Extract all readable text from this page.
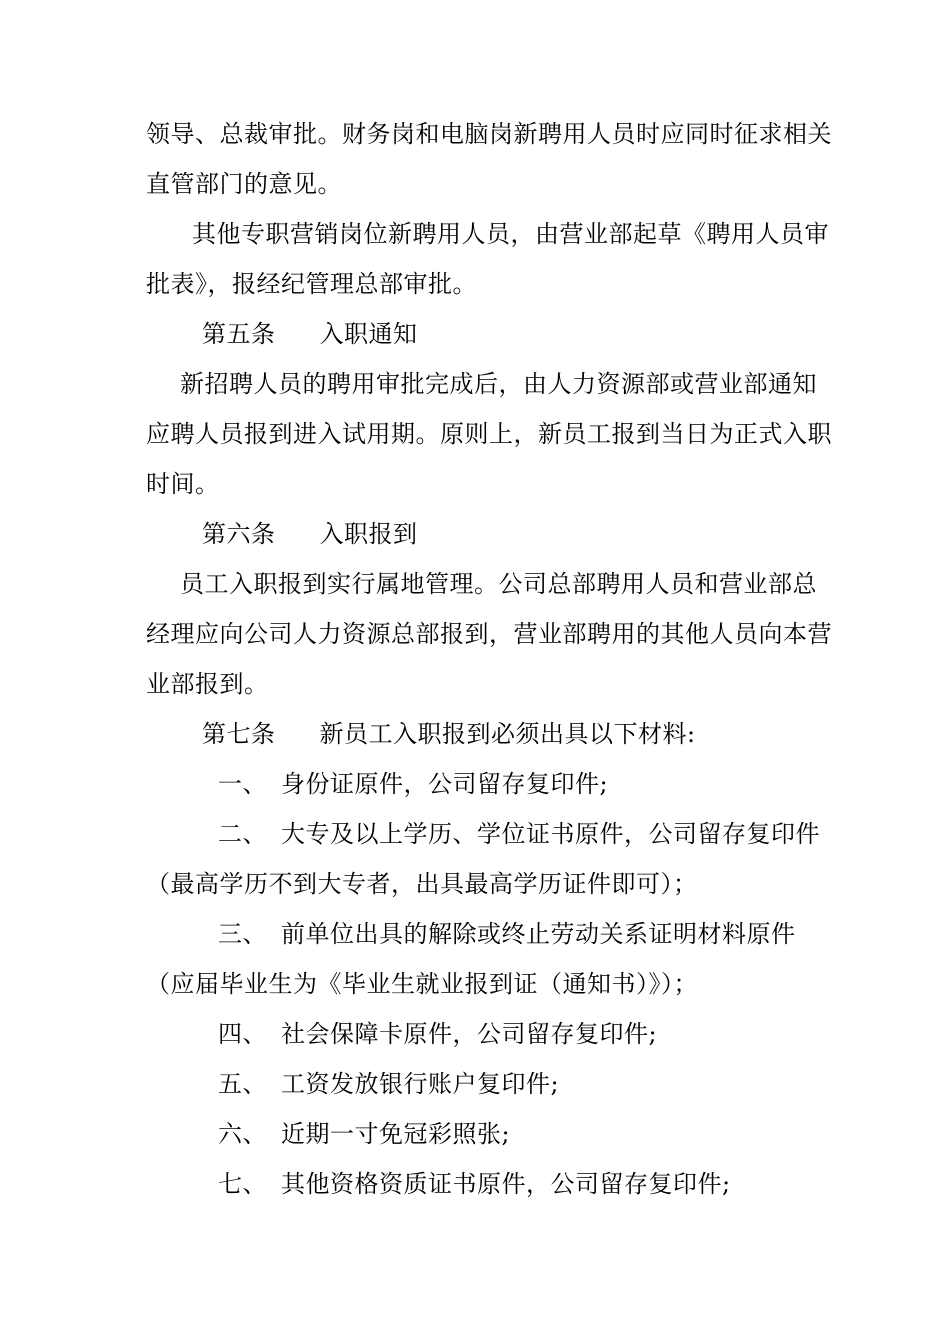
领导、总裁审批。财务岗和电脑岗新聘用人员时应同时征求相关
直管部门的意见。
其他专职营销岗位新聘用人员，由营业部起草《聘用人员审
批表》，报经纪管理总部审批。
第五条 入职通知
新招聘人员的聘用审批完成后，由人力资源部或营业部通知
应聘人员报到进入试用期。原则上，新员工报到当日为正式入职
时间。
第六条 入职报到
员工入职报到实行属地管理。公司总部聘用人员和营业部总
经理应向公司人力资源总部报到，营业部聘用的其他人员向本营
业部报到。
第七条 新员工入职报到必须出具以下材料:
一、 身份证原件，公司留存复印件;
二、 大专及以上学历、学位证书原件，公司留存复印件
（最高学历不到大专者，出具最高学历证件即可）；
三、 前单位出具的解除或终止劳动关系证明材料原件
（应届毕业生为《毕业生就业报到证（通知书）》）；
四、 社会保障卡原件，公司留存复印件;
五、 工资发放银行账户复印件;
六、 近期一寸免冠彩照张;
七、 其他资格资质证书原件，公司留存复印件;
